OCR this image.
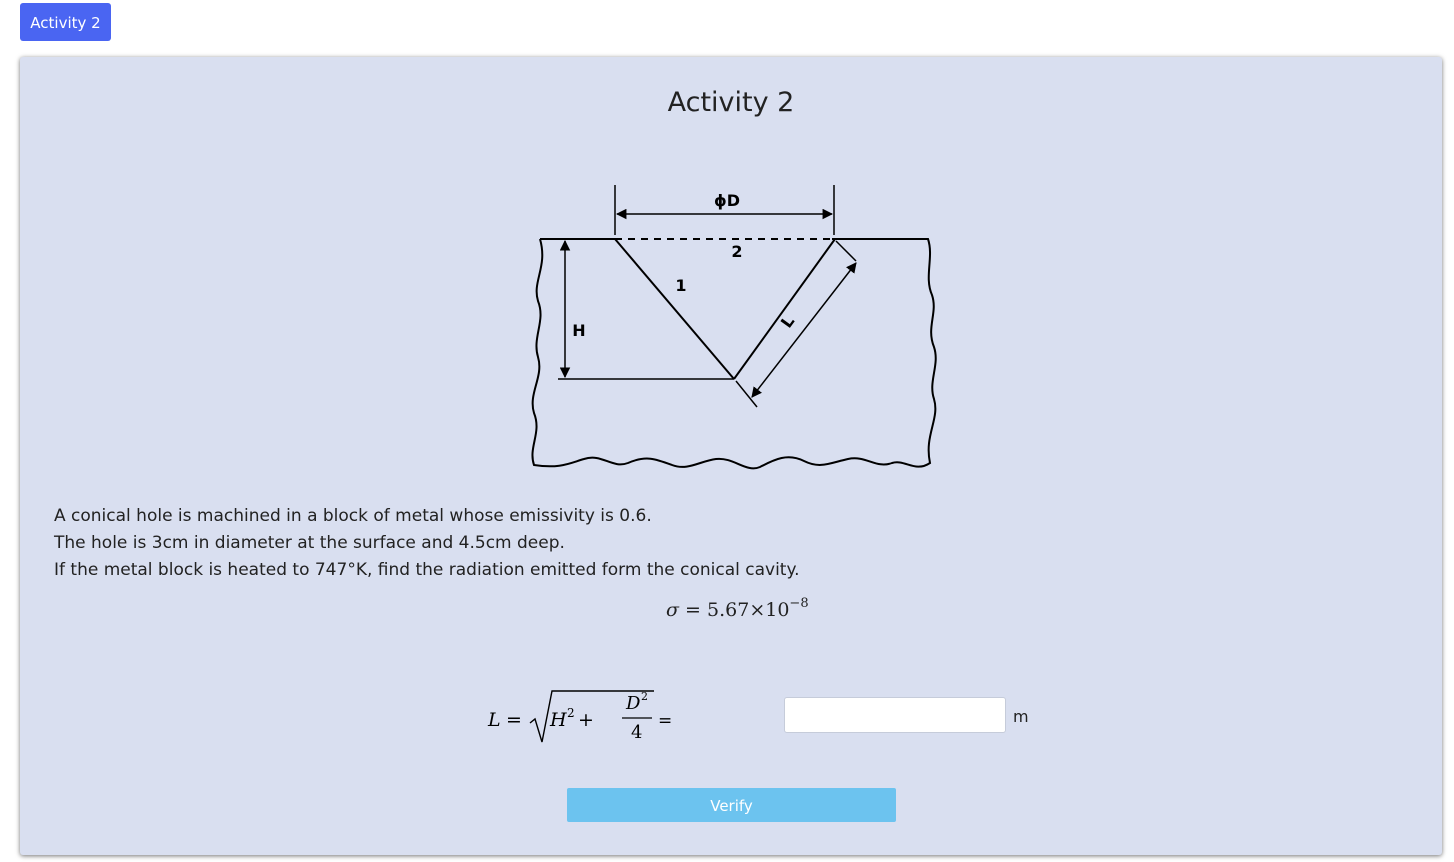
Activity 2
Activity 2
ϕD
2
1
H	L
A conical hole is machined in a block of metal whose emissivity is 0.6.
The hole is 3cm in diameter at the surface and 4.5cm deep.
If the metal block is heated to 747°K, find the radiation emitted form the conical cavity.
$\sigma = 5.67\times 10^{-8}$
L = H 2 +
D 2
4
=	m
Verify
